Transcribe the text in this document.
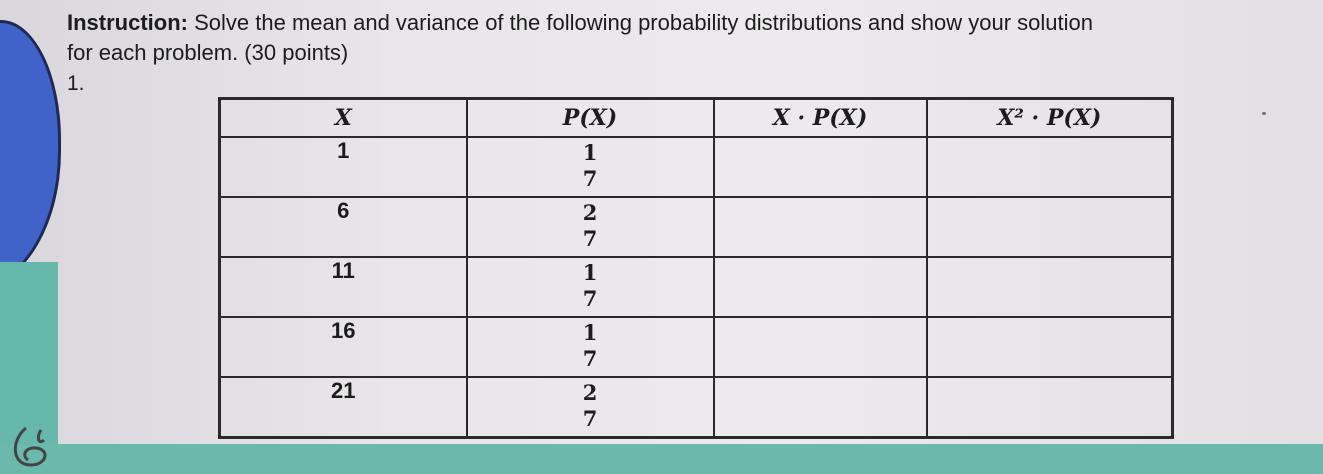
Instruction: Solve the mean and variance of the following probability distributions and show your solution
for each problem. (30 points)
1.
X	P(X)	X · P(X)	X² · P(X)
1	1
7		

6	2
7		

11	1
7		

16	1
7		

21	2
7		
